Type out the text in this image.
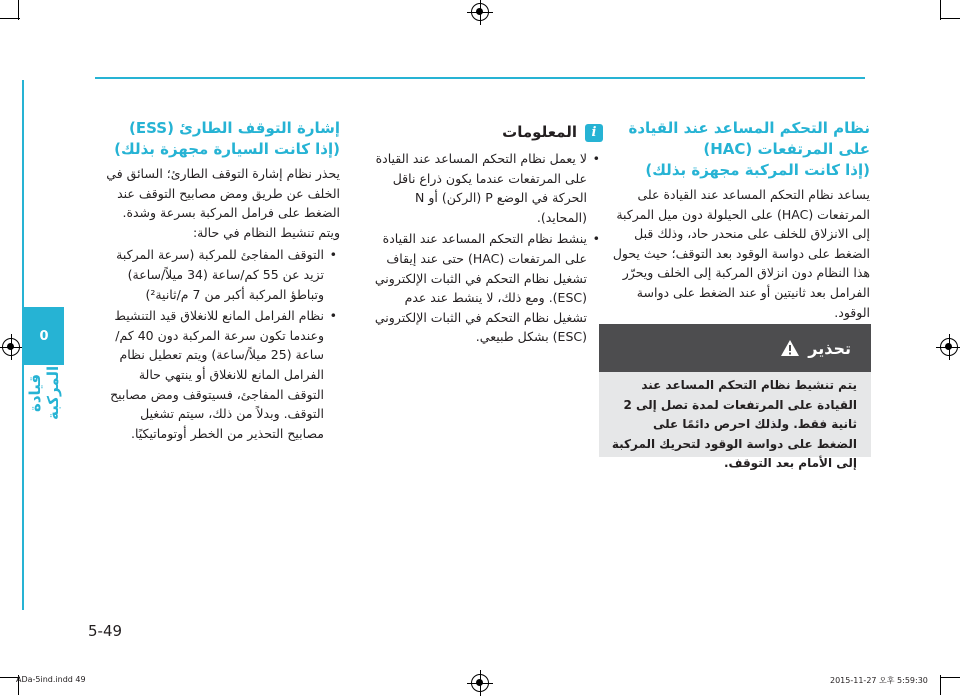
0
قيادة المركبة
إشارة التوقف الطارئ (ESS)
(إذا كانت السيارة مجهزة بذلك)

يحذر نظام إشارة التوقف الطارئ؛ السائق في الخلف عن طريق ومض مصابيح التوقف عند الضغط على فرامل المركبة بسرعة وشدة.

ويتم تنشيط النظام في حالة:

• التوقف المفاجئ للمركبة (سرعة المركبة تزيد عن 55 كم/ساعة (34 ميلاً/ساعة) وتباطؤ المركبة أكبر من 7 م/ثانية²)
• نظام الفرامل المانع للانغلاق قيد التنشيط وعندما تكون سرعة المركبة دون 40 كم/ساعة (25 ميلاً/ساعة) ويتم تعطيل نظام الفرامل المانع للانغلاق أو ينتهي حالة التوقف المفاجئ، فسيتوقف ومض مصابيح التوقف. وبدلاً من ذلك، سيتم تشغيل مصابيح التحذير من الخطر أوتوماتيكيًا.
المعلومات	i
• لا يعمل نظام التحكم المساعد عند القيادة على المرتفعات عندما يكون ذراع ناقل الحركة في الوضع P (الركن) أو N (المحايد).
• ينشط نظام التحكم المساعد عند القيادة على المرتفعات (HAC) حتى عند إيقاف تشغيل نظام التحكم في الثبات الإلكتروني (ESC). ومع ذلك، لا ينشط عند عدم تشغيل نظام التحكم في الثبات الإلكتروني (ESC) بشكل طبيعي.
نظام التحكم المساعد عند القيادة
على المرتفعات (HAC)
(إذا كانت المركبة مجهزة بذلك)

يساعد نظام التحكم المساعد عند القيادة على المرتفعات (HAC) على الحيلولة دون ميل المركبة إلى الانزلاق للخلف على منحدر حاد، وذلك قبل الضغط على دواسة الوقود بعد التوقف؛ حيث يحول هذا النظام دون انزلاق المركبة إلى الخلف ويحرّر الفرامل بعد ثانيتين أو عند الضغط على دواسة الوقود.

تحذير
يتم تنشيط نظام التحكم المساعد عند القيادة على المرتفعات لمدة تصل إلى 2 ثانية فقط. ولذلك احرص دائمًا على الضغط على دواسة الوقود لتحريك المركبة إلى الأمام بعد التوقف.
5-49
ADa-5ind.indd 49	2015-11-27 오후 5:59:30
